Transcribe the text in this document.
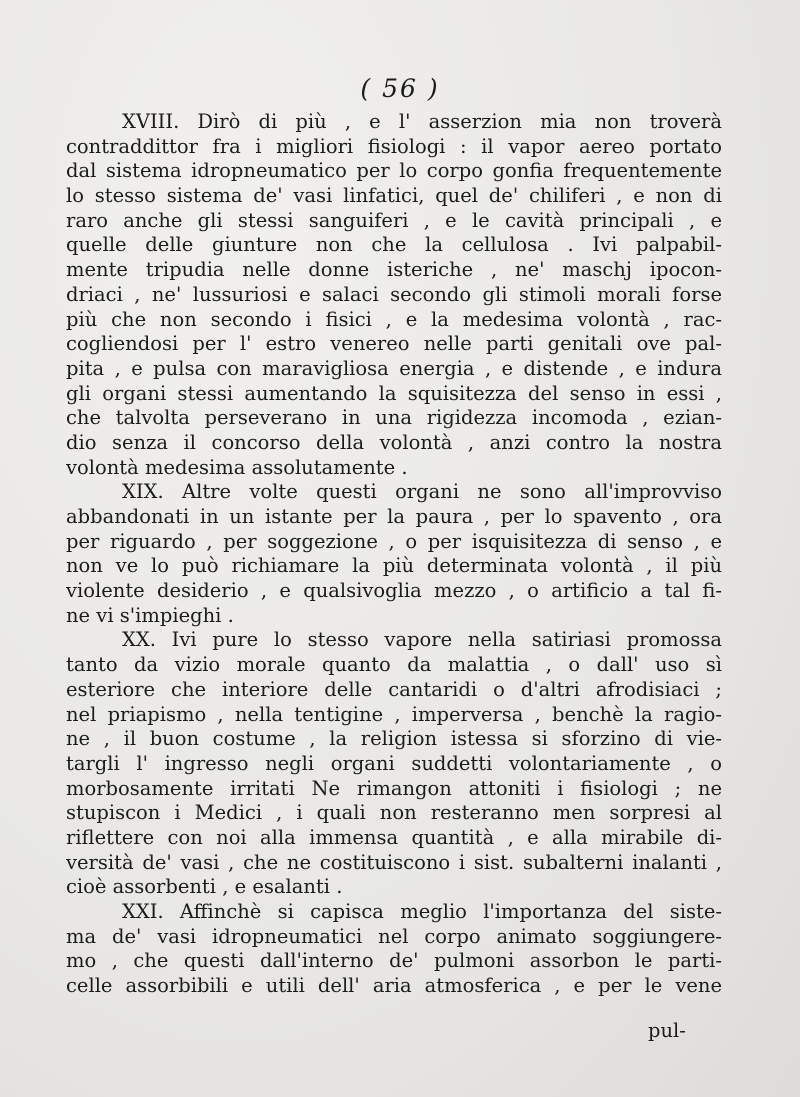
( 56 )
XVIII. Dirò di più , e l' asserzion mia non troverà
contraddittor fra i migliori fisiologi : il vapor aereo portato
dal sistema idropneumatico per lo corpo gonfia frequentemente
lo stesso sistema de' vasi linfatici, quel de' chiliferi , e non di
raro anche gli stessi sanguiferi , e le cavità principali , e
quelle delle giunture non che la cellulosa . Ivi palpabil-
mente tripudia nelle donne isteriche , ne' maschj ipocon-
driaci , ne' lussuriosi e salaci secondo gli stimoli morali forse
più che non secondo i fisici , e la medesima volontà , rac-
cogliendosi per l' estro venereo nelle parti genitali ove pal-
pita , e pulsa con maravigliosa energia , e distende , e indura
gli organi stessi aumentando la squisitezza del senso in essi ,
che talvolta perseverano in una rigidezza incomoda , ezian-
dio senza il concorso della volontà , anzi contro la nostra
volontà medesima assolutamente .
XIX. Altre volte questi organi ne sono all'improvviso
abbandonati in un istante per la paura , per lo spavento , ora
per riguardo , per soggezione , o per isquisitezza di senso , e
non ve lo può richiamare la più determinata volontà , il più
violente desiderio , e qualsivoglia mezzo , o artificio a tal fi-
ne vi s'impieghi .
XX. Ivi pure lo stesso vapore nella satiriasi promossa
tanto da vizio morale quanto da malattia , o dall' uso sì
esteriore che interiore delle cantaridi o d'altri afrodisiaci ;
nel priapismo , nella tentigine , imperversa , benchè la ragio-
ne , il buon costume , la religion istessa si sforzino di vie-
targli l' ingresso negli organi suddetti volontariamente , o
morbosamente irritati Ne rimangon attoniti i fisiologi ; ne
stupiscon i Medici , i quali non resteranno men sorpresi al
riflettere con noi alla immensa quantità , e alla mirabile di-
versità de' vasi , che ne costituiscono i sist. subalterni inalanti ,
cioè assorbenti , e esalanti .
XXI. Affinchè si capisca meglio l'importanza del siste-
ma de' vasi idropneumatici nel corpo animato soggiungere-
mo , che questi dall'interno de' pulmoni assorbon le parti-
celle assorbibili e utili dell' aria atmosferica , e per le vene
pul-
